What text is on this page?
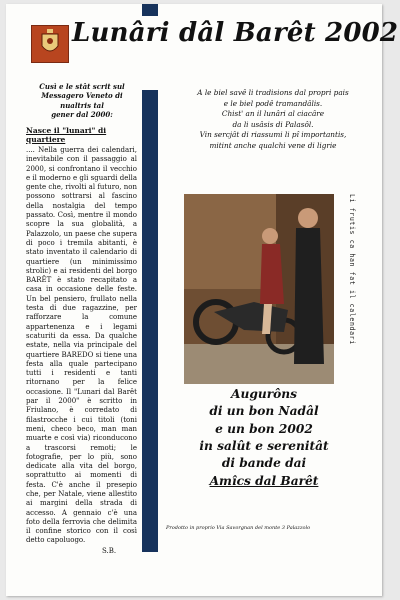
Lunâri dâl Barêt 2002
Cusì e le stât scrit sul
Messagero Veneto di nualtris tal
gener dal 2000:
Nasce il "lunari" di quartiere
.... Nella guerra dei calendari, inevitabile con il passaggio al 2000, si confrontano il vecchio e il moderno e gli sguardi della gente che, rivolti al futuro, non possono sottrarsi al fascino della nostalgia del tempo passato. Così, mentre il mondo scopre la sua globalità, a Palazzolo, un paese che supera di poco i tremila abitanti, è stato inventato il calendario di quartiere (un minimissimo strolic) e ai residenti del borgo BARÊT è stato recapitato a casa in occasione delle feste. Un bel pensiero, frullato nella testa di due ragazzine, per rafforzare la comune appartenenza e i legami scaturiti da essa. Da qualche estate, nella via principale del quartiere BAREDO si tiene una festa alla quale partecipano tutti i residenti e tanti ritornano per la felice occasione. Il "Lunari dal Barêt par il 2000" è scritto in Friulano, è corredato di filastrocche i cui titoli (toni meni, checo beco, man man muarte e così via) riconducono a trascorsi remoti; le fotografie, per lo più, sono dedicate alla vita del borgo, soprattutto ai momenti di festa. C'è anche il presepio che, per Natale, viene allestito ai margini della strada di accesso. A gennaio c'è una foto della ferrovia che delimita il confine storico con il così detto capoluogo.
S.B.
A le biel savê li tradisions dal propri pais
e le biel podê tramandâlis.
Chist' an il lunâri al ciacâre
da li usâsis di Palasôl.
Vin sercjât di riassumi li pî importantis,
mitint anche qualchi vene di ligrie
Li frutis ca han fat il calendari
Augurôns
di un bon Nadâl
e un bon 2002
in salût e serenitât
di bande dai
Amîcs dal Barêt
Prodotto in proprio Via Savorgnan del monte 3 Palazzolo
